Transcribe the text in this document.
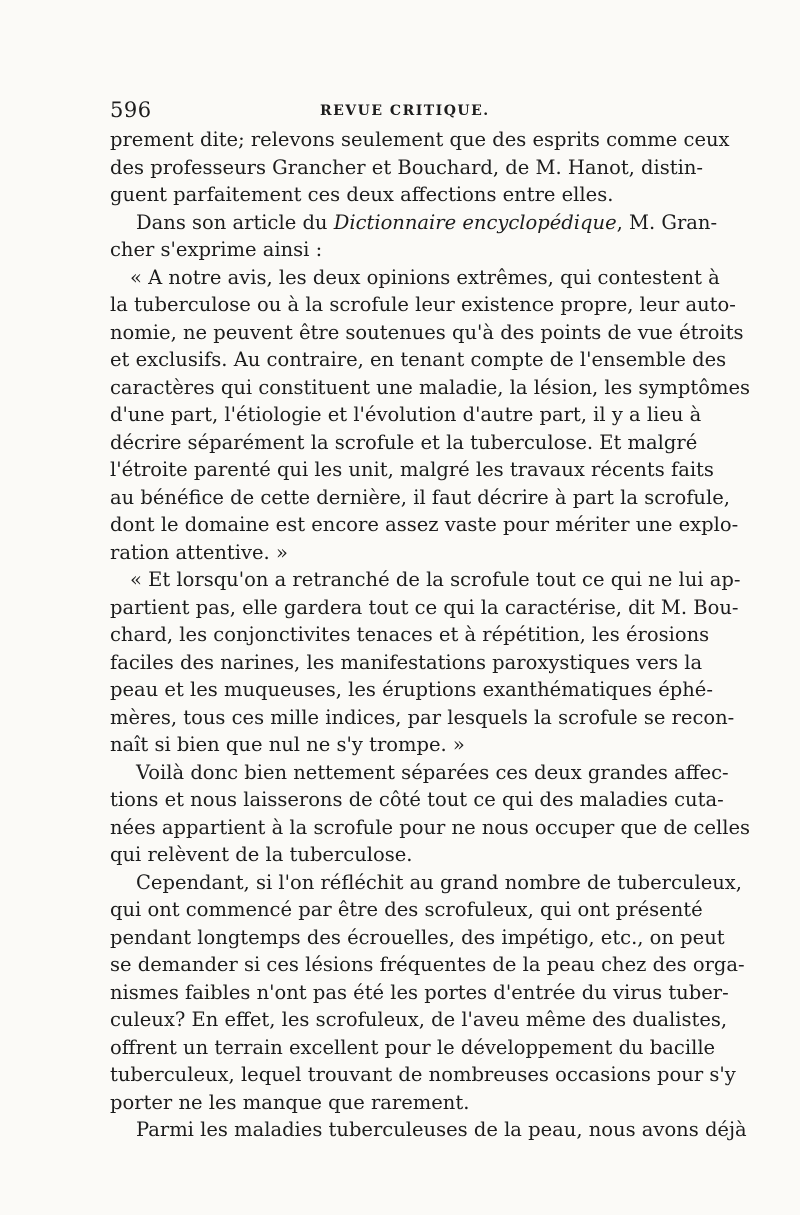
596	REVUE CRITIQUE.
prement dite; relevons seulement que des esprits comme ceux
des professeurs Grancher et Bouchard, de M. Hanot, distin-
guent parfaitement ces deux affections entre elles.
Dans son article du Dictionnaire encyclopédique, M. Gran-
cher s'exprime ainsi :
« A notre avis, les deux opinions extrêmes, qui contestent à
la tuberculose ou à la scrofule leur existence propre, leur auto-
nomie, ne peuvent être soutenues qu'à des points de vue étroits
et exclusifs. Au contraire, en tenant compte de l'ensemble des
caractères qui constituent une maladie, la lésion, les symptômes
d'une part, l'étiologie et l'évolution d'autre part, il y a lieu à
décrire séparément la scrofule et la tuberculose. Et malgré
l'étroite parenté qui les unit, malgré les travaux récents faits
au bénéfice de cette dernière, il faut décrire à part la scrofule,
dont le domaine est encore assez vaste pour mériter une explo-
ration attentive. »
« Et lorsqu'on a retranché de la scrofule tout ce qui ne lui ap-
partient pas, elle gardera tout ce qui la caractérise, dit M. Bou-
chard, les conjonctivites tenaces et à répétition, les érosions
faciles des narines, les manifestations paroxystiques vers la
peau et les muqueuses, les éruptions exanthématiques éphé-
mères, tous ces mille indices, par lesquels la scrofule se recon-
naît si bien que nul ne s'y trompe. »
Voilà donc bien nettement séparées ces deux grandes affec-
tions et nous laisserons de côté tout ce qui des maladies cuta-
nées appartient à la scrofule pour ne nous occuper que de celles
qui relèvent de la tuberculose.
Cependant, si l'on réfléchit au grand nombre de tuberculeux,
qui ont commencé par être des scrofuleux, qui ont présenté
pendant longtemps des écrouelles, des impétigo, etc., on peut
se demander si ces lésions fréquentes de la peau chez des orga-
nismes faibles n'ont pas été les portes d'entrée du virus tuber-
culeux? En effet, les scrofuleux, de l'aveu même des dualistes,
offrent un terrain excellent pour le développement du bacille
tuberculeux, lequel trouvant de nombreuses occasions pour s'y
porter ne les manque que rarement.
Parmi les maladies tuberculeuses de la peau, nous avons déjà
